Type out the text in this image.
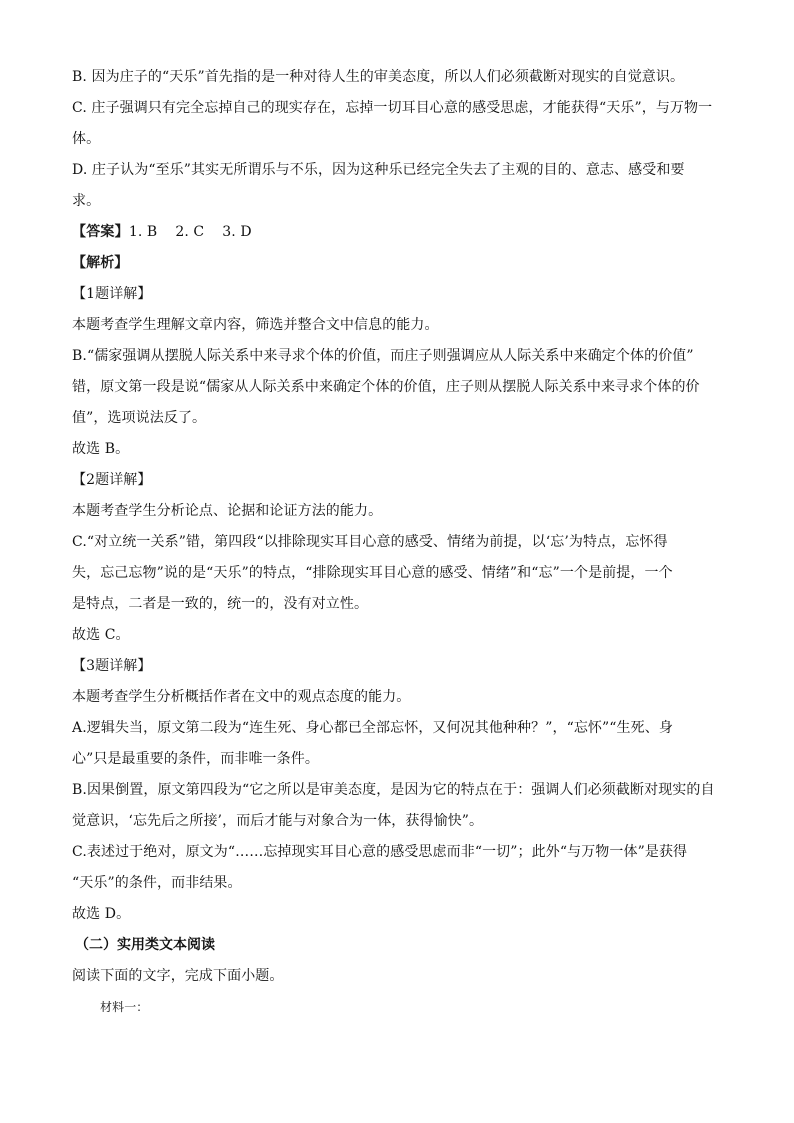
B. 因为庄子的“天乐”首先指的是一种对待人生的审美态度，所以人们必须截断对现实的自觉意识。
C. 庄子强调只有完全忘掉自己的现实存在，忘掉一切耳目心意的感受思虑，才能获得“天乐”，与万物一
体。
D. 庄子认为“至乐”其实无所谓乐与不乐，因为这种乐已经完全失去了主观的目的、意志、感受和要
求。
【答案】1. B 2. C 3. D
【解析】
【1题详解】
本题考查学生理解文章内容，筛选并整合文中信息的能力。
B.“儒家强调从摆脱人际关系中来寻求个体的价值，而庄子则强调应从人际关系中来确定个体的价值”
错，原文第一段是说“儒家从人际关系中来确定个体的价值，庄子则从摆脱人际关系中来寻求个体的价
值”，选项说法反了。
故选 B。
【2题详解】
本题考查学生分析论点、论据和论证方法的能力。
C.“对立统一关系”错，第四段“以排除现实耳目心意的感受、情绪为前提，以‘忘’为特点，忘怀得
失，忘己忘物”说的是“天乐”的特点，“排除现实耳目心意的感受、情绪”和“忘”一个是前提，一个
是特点，二者是一致的，统一的，没有对立性。
故选 C。
【3题详解】
本题考查学生分析概括作者在文中的观点态度的能力。
A.逻辑失当，原文第二段为“连生死、身心都已全部忘怀，又何况其他种种？”，“忘怀”“生死、身
心”只是最重要的条件，而非唯一条件。
B.因果倒置，原文第四段为“它之所以是审美态度，是因为它的特点在于：强调人们必须截断对现实的自
觉意识，‘忘先后之所接’，而后才能与对象合为一体，获得愉快”。
C.表述过于绝对，原文为“……忘掉现实耳目心意的感受思虑而非“一切”；此外“与万物一体”是获得
“天乐”的条件，而非结果。
故选 D。
（二）实用类文本阅读
阅读下面的文字，完成下面小题。
材料一：
